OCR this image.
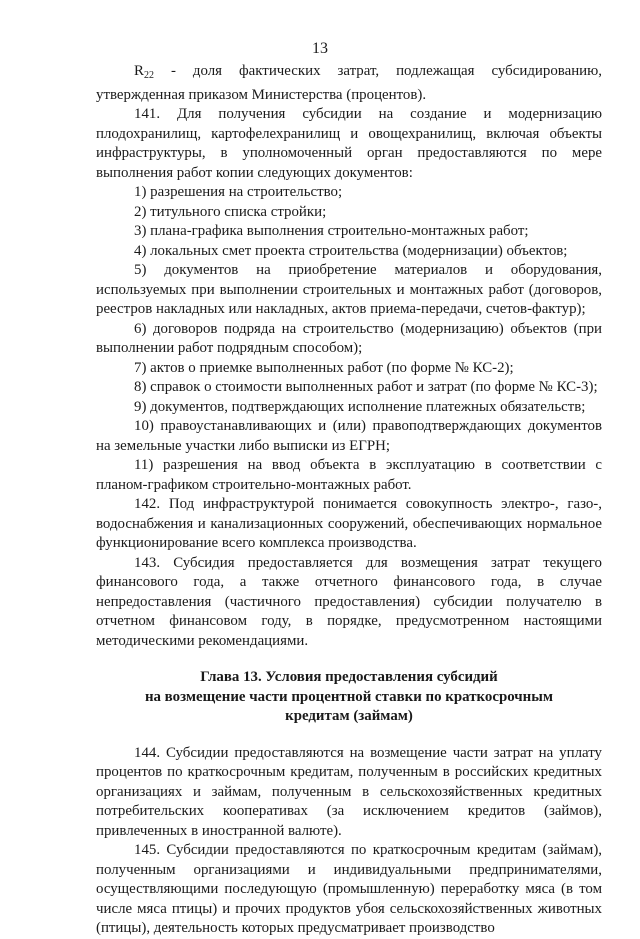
13

$R_{22}$ - доля фактических затрат, подлежащая субсидированию, утвержденная приказом Министерства (процентов).

141. Для получения субсидии на создание и модернизацию плодохранилищ, картофелехранилищ и овощехранилищ, включая объекты инфраструктуры, в уполномоченный орган предоставляются по мере выполнения работ копии следующих документов:

1) разрешения на строительство;

2) титульного списка стройки;

3) плана-графика выполнения строительно-монтажных работ;

4) локальных смет проекта строительства (модернизации) объектов;

5) документов на приобретение материалов и оборудования, используемых при выполнении строительных и монтажных работ (договоров, реестров накладных или накладных, актов приема-передачи, счетов-фактур);

6) договоров подряда на строительство (модернизацию) объектов (при выполнении работ подрядным способом);

7) актов о приемке выполненных работ (по форме № КС-2);

8) справок о стоимости выполненных работ и затрат (по форме № КС-3);

9) документов, подтверждающих исполнение платежных обязательств;

10) правоустанавливающих и (или) правоподтверждающих документов на земельные участки либо выписки из ЕГРН;

11) разрешения на ввод объекта в эксплуатацию в соответствии с планом-графиком строительно-монтажных работ.

142. Под инфраструктурой понимается совокупность электро-, газо-, водоснабжения и канализационных сооружений, обеспечивающих нормальное функционирование всего комплекса производства.

143. Субсидия предоставляется для возмещения затрат текущего финансового года, а также отчетного финансового года, в случае непредоставления (частичного предоставления) субсидии получателю в отчетном финансовом году, в порядке, предусмотренном настоящими методическими рекомендациями.

Глава 13. Условия предоставления субсидий
на возмещение части процентной ставки по краткосрочным
кредитам (займам)

144. Субсидии предоставляются на возмещение части затрат на уплату процентов по краткосрочным кредитам, полученным в российских кредитных организациях и займам, полученным в сельскохозяйственных кредитных потребительских кооперативах (за исключением кредитов (займов), привлеченных в иностранной валюте).

145. Субсидии предоставляются по краткосрочным кредитам (займам), полученным организациями и индивидуальными предпринимателями, осуществляющими последующую (промышленную) переработку мяса (в том числе мяса птицы) и прочих продуктов убоя сельскохозяйственных животных (птицы), деятельность которых предусматривает производство
